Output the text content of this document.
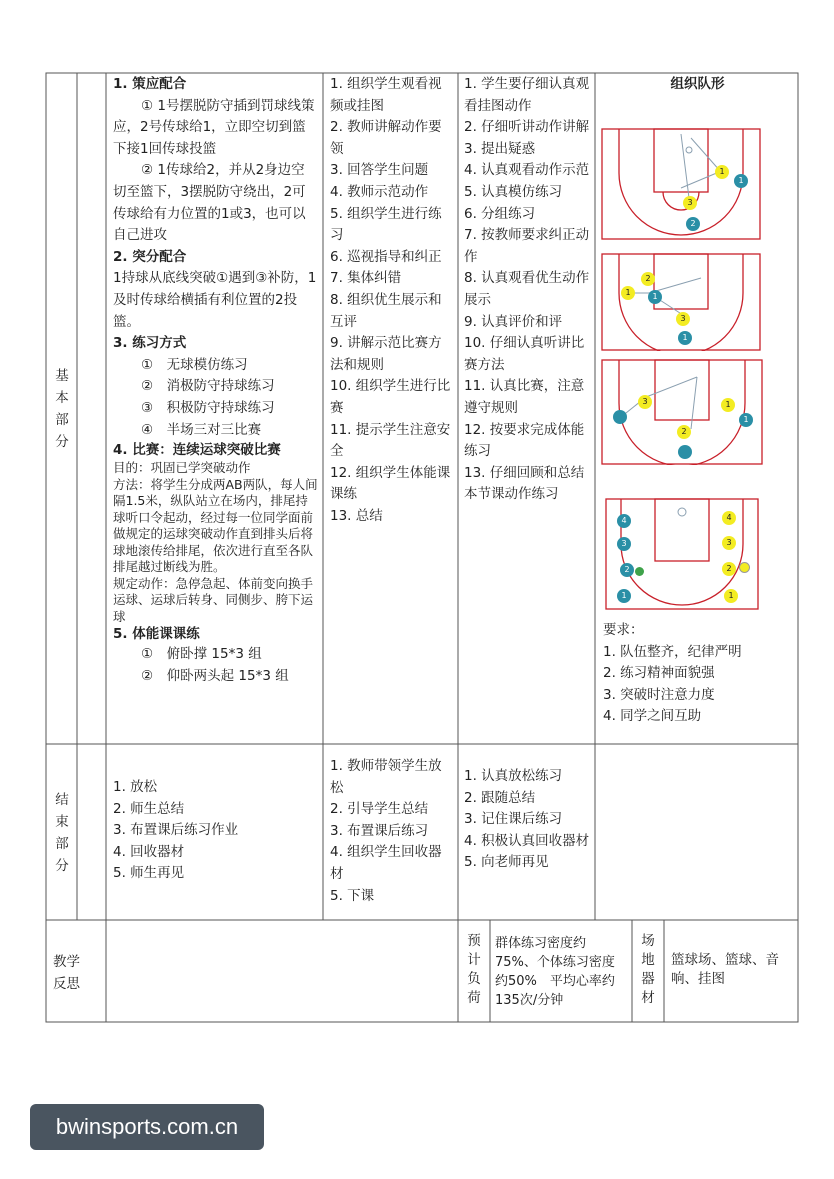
基
本
部
分
结
束
部
分

教学

反思

1. 策应配合

① 1号摆脱防守插到罚球线策应，2号传球给1，立即空切到篮下接1回传球投篮

② 1传球给2，并从2身边空切至篮下，3摆脱防守绕出，2可传球给有力位置的1或3，也可以自己进攻

2. 突分配合

1持球从底线突破①遇到③补防，1及时传球给横插有利位置的2投篮。

3. 练习方式

①　无球模仿练习

②　消极防守持球练习

③　积极防守持球练习

④　半场三对三比赛

4. 比赛：连续运球突破比赛

目的：巩固已学突破动作

方法：将学生分成两AB两队，每人间隔1.5米，纵队站立在场内，排尾持球听口令起动，经过每一位同学面前做规定的运球突破动作直到排头后将球地滚传给排尾，依次进行直至各队排尾越过断线为胜。

规定动作：急停急起、体前变向换手运球、运球后转身、同侧步、胯下运球

5. 体能课课练

①　俯卧撑 15*3 组

②　仰卧两头起 15*3 组

1. 组织学生观看视频或挂图

2. 教师讲解动作要领

3. 回答学生问题

4. 教师示范动作

5. 组织学生进行练习

6. 巡视指导和纠正

7. 集体纠错

8. 组织优生展示和互评

9. 讲解示范比赛方法和规则

10. 组织学生进行比赛

11. 提示学生注意安全

12. 组织学生体能课课练

13. 总结

1. 学生要仔细认真观看挂图动作

2. 仔细听讲动作讲解

3. 提出疑惑

4. 认真观看动作示范

5. 认真模仿练习

6. 分组练习

7. 按教师要求纠正动作

8. 认真观看优生动作展示

9. 认真评价和评

10. 仔细认真听讲比赛方法

11. 认真比赛，注意遵守规则

12. 按要求完成体能练习

13. 仔细回顾和总结本节课动作练习

组织队形
1
1
3
2
2
1	1
3
1
1
1
2
3
1
2
3
4
1
2
3
4

要求：

1. 队伍整齐，纪律严明

2. 练习精神面貌强

3. 突破时注意力度

4. 同学之间互助

1. 放松

2. 师生总结

3. 布置课后练习作业

4. 回收器材

5. 师生再见

1. 教师带领学生放松

2. 引导学生总结

3. 布置课后练习

4. 组织学生回收器材

5. 下课

1. 认真放松练习

2. 跟随总结

3. 记住课后练习

4. 积极认真回收器材

5. 向老师再见

预
计
负
荷
群体练习密度约75%、个体练习密度约50%　平均心率约135次/分钟
场
地
器
材
篮球场、篮球、音响、挂图
bwinsports.com.cn
